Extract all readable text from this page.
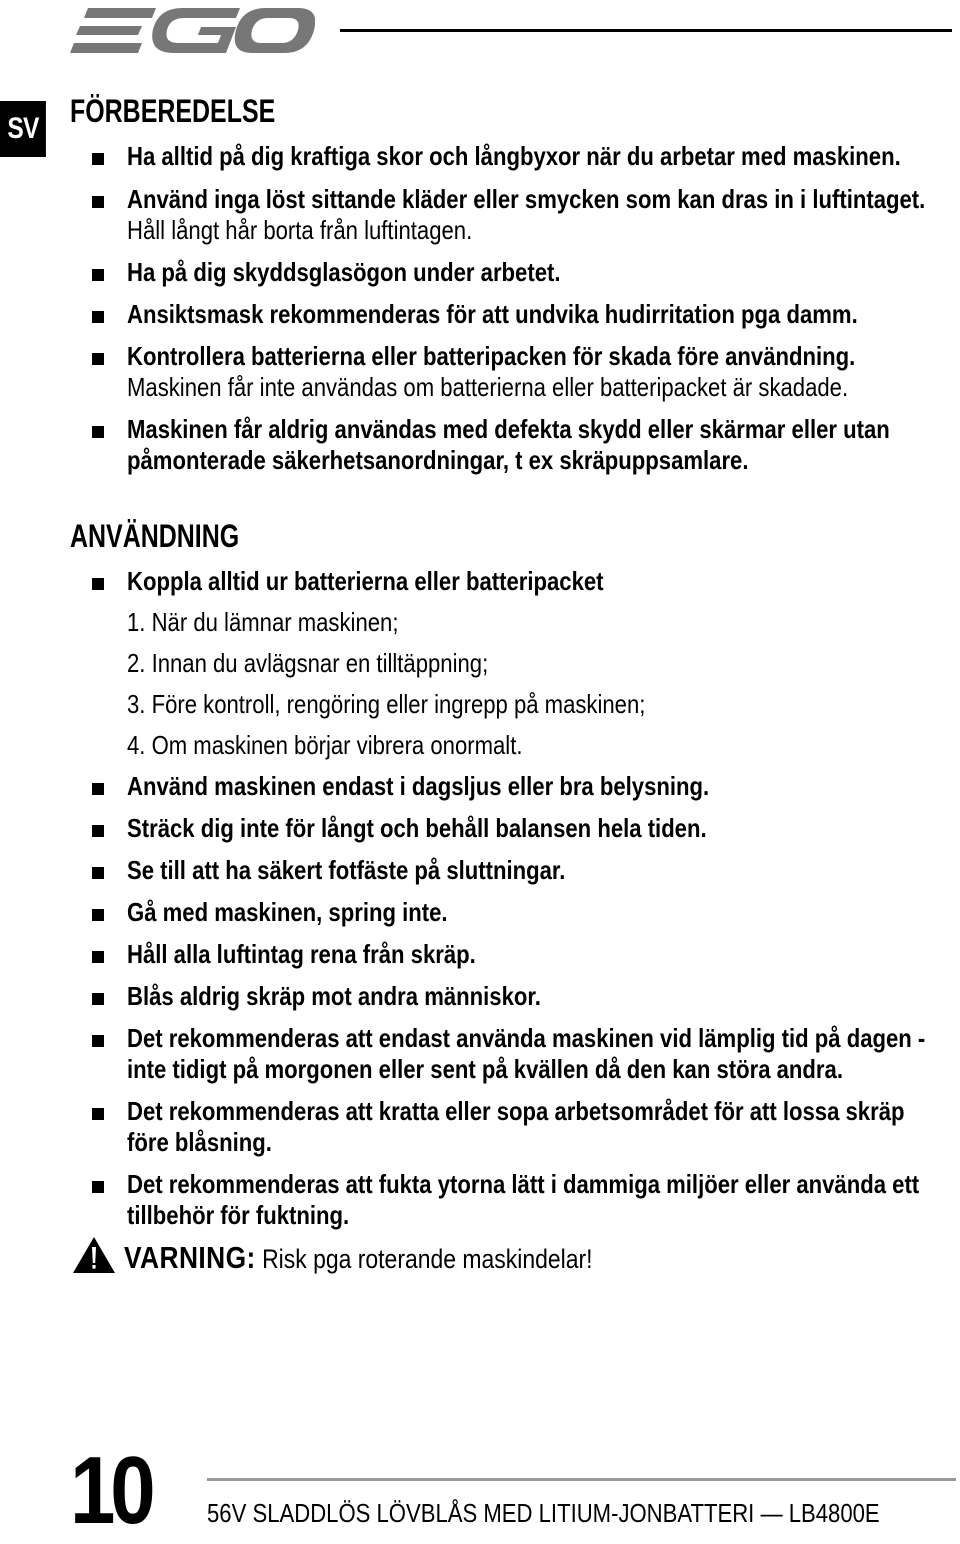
SV FÖRBEREDELSE
Ha alltid på dig kraftiga skor och långbyxor när du arbetar med maskinen.
Använd inga löst sittande kläder eller smycken som kan dras in i luftintaget.
Håll långt hår borta från luftintagen.
Ha på dig skyddsglasögon under arbetet.
Ansiktsmask rekommenderas för att undvika hudirritation pga damm.
Kontrollera batterierna eller batteripacken för skada före användning.
Maskinen får inte användas om batterierna eller batteripacket är skadade.
Maskinen får aldrig användas med defekta skydd eller skärmar eller utan
påmonterade säkerhetsanordningar, t ex skräpuppsamlare.
ANVÄNDNING
Koppla alltid ur batterierna eller batteripacket
1. När du lämnar maskinen;
2. Innan du avlägsnar en tilltäppning;
3. Före kontroll, rengöring eller ingrepp på maskinen;
4. Om maskinen börjar vibrera onormalt.
Använd maskinen endast i dagsljus eller bra belysning.
Sträck dig inte för långt och behåll balansen hela tiden.
Se till att ha säkert fotfäste på sluttningar.
Gå med maskinen, spring inte.
Håll alla luftintag rena från skräp.
Blås aldrig skräp mot andra människor.
Det rekommenderas att endast använda maskinen vid lämplig tid på dagen -
inte tidigt på morgonen eller sent på kvällen då den kan störa andra.
Det rekommenderas att kratta eller sopa arbetsområdet för att lossa skräp
före blåsning.
Det rekommenderas att fukta ytorna lätt i dammiga miljöer eller använda ett
tillbehör för fuktning.
VARNING: Risk pga roterande maskindelar!
10 56V SLADDLÖS LÖVBLÅS MED LITIUM-JONBATTERI — LB4800E
